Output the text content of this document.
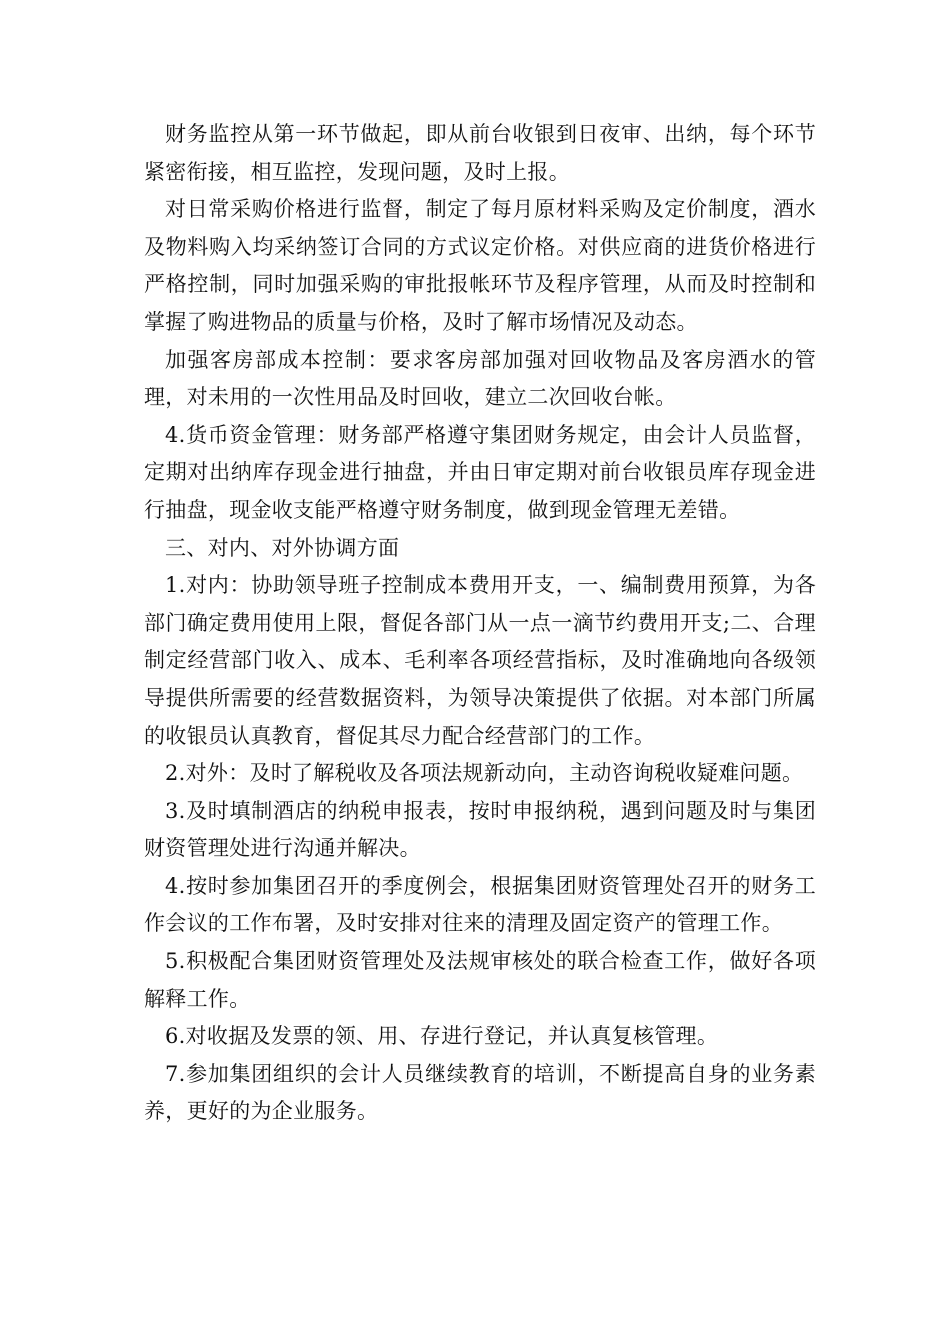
财务监控从第一环节做起，即从前台收银到日夜审、出纳，每个环节紧密衔接，相互监控，发现问题，及时上报。

对日常采购价格进行监督，制定了每月原材料采购及定价制度，酒水及物料购入均采纳签订合同的方式议定价格。对供应商的进货价格进行严格控制，同时加强采购的审批报帐环节及程序管理，从而及时控制和掌握了购进物品的质量与价格，及时了解市场情况及动态。

加强客房部成本控制：要求客房部加强对回收物品及客房酒水的管理，对未用的一次性用品及时回收，建立二次回收台帐。

4.货币资金管理：财务部严格遵守集团财务规定，由会计人员监督，定期对出纳库存现金进行抽盘，并由日审定期对前台收银员库存现金进行抽盘，现金收支能严格遵守财务制度，做到现金管理无差错。

三、对内、对外协调方面

1.对内：协助领导班子控制成本费用开支，一、编制费用预算，为各部门确定费用使用上限，督促各部门从一点一滴节约费用开支;二、合理制定经营部门收入、成本、毛利率各项经营指标，及时准确地向各级领导提供所需要的经营数据资料，为领导决策提供了依据。对本部门所属的收银员认真教育，督促其尽力配合经营部门的工作。

2.对外：及时了解税收及各项法规新动向，主动咨询税收疑难问题。

3.及时填制酒店的纳税申报表，按时申报纳税，遇到问题及时与集团财资管理处进行沟通并解决。

4.按时参加集团召开的季度例会，根据集团财资管理处召开的财务工作会议的工作布署，及时安排对往来的清理及固定资产的管理工作。

5.积极配合集团财资管理处及法规审核处的联合检查工作，做好各项解释工作。

6.对收据及发票的领、用、存进行登记，并认真复核管理。

7.参加集团组织的会计人员继续教育的培训，不断提高自身的业务素养，更好的为企业服务。
